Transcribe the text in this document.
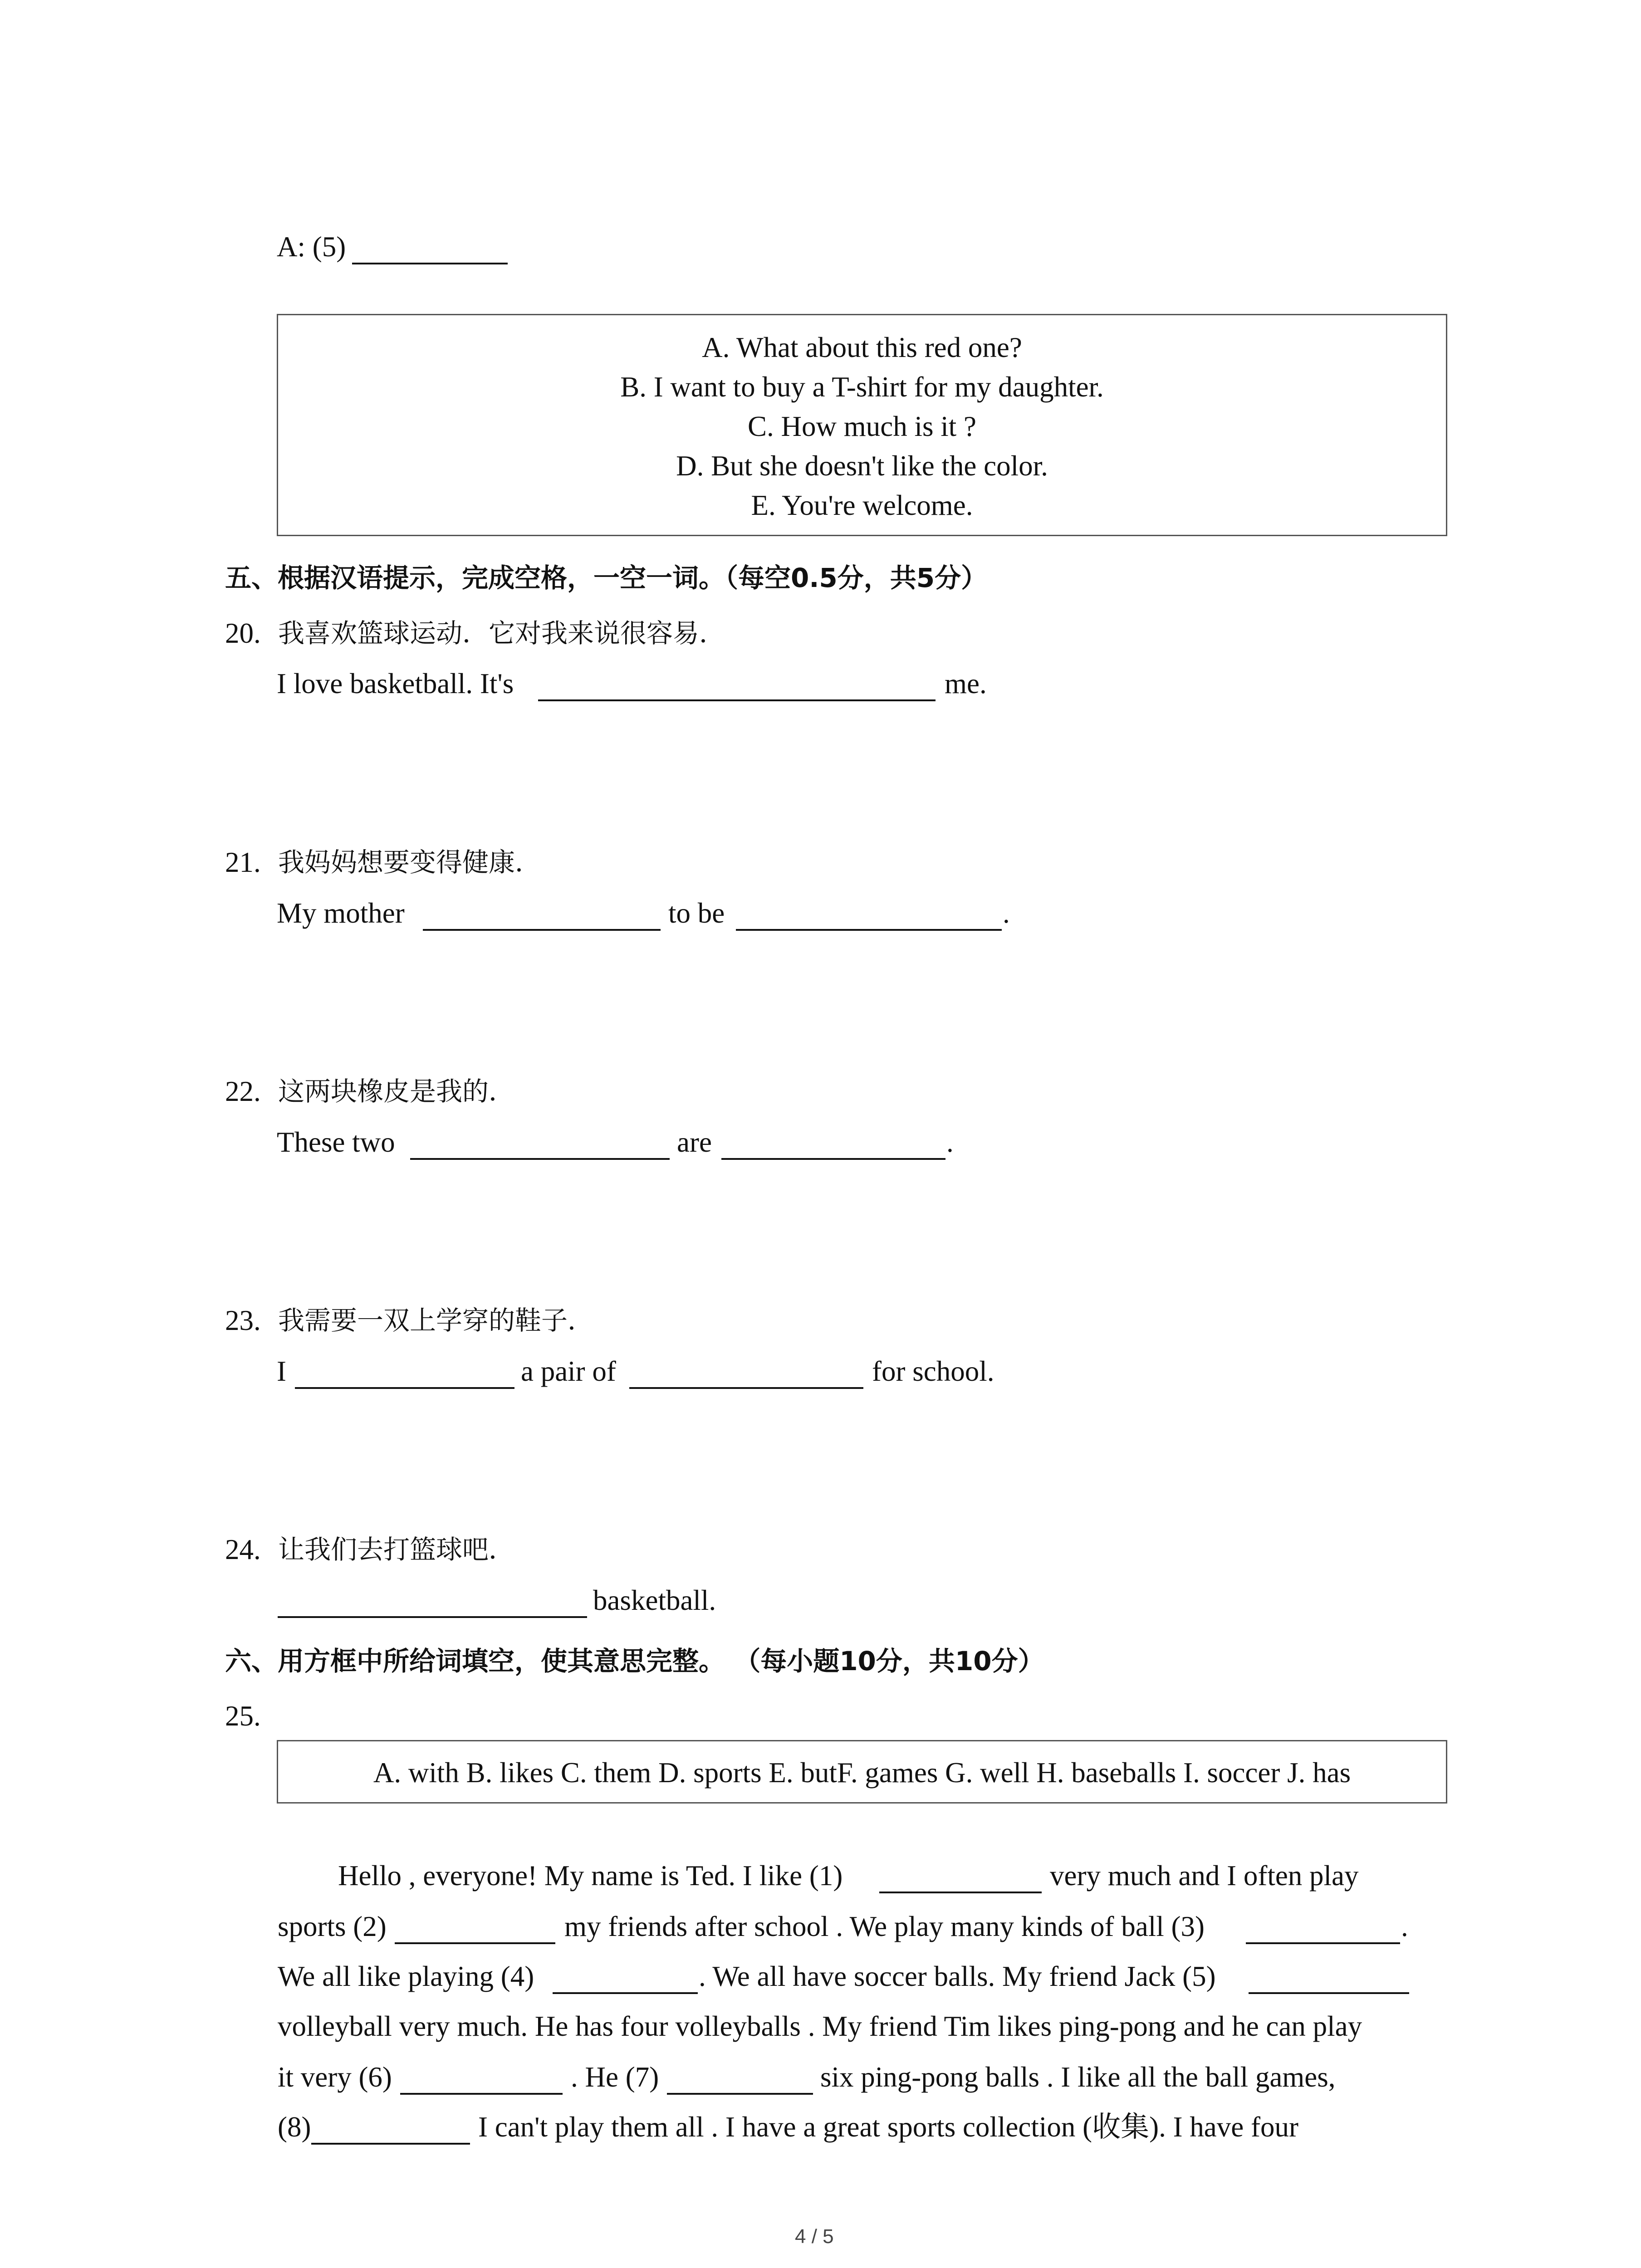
A: (5)
A. What about this red one?
B. I want to buy a T-shirt for my daughter.
C. How much is it ?
D. But she doesn't like the color.
E. You're welcome.
五、根据汉语提示，完成空格，一空一词。（每空0.5分，共5分）
20. 我喜欢篮球运动．它对我来说很容易．
I love basketball. It's	me.
21. 我妈妈想要变得健康．
My mother	to be	.
22. 这两块橡皮是我的．
These two	are	.
23. 我需要一双上学穿的鞋子．
I	a pair of	for school.
24. 让我们去打篮球吧．
basketball.
六、用方框中所给词填空，使其意思完整。 （每小题10分，共10分）
25.
A. with B. likes C. them D. sports E. butF. games G. well H. baseballs I. soccer J. has
Hello , everyone! My name is Ted. I like (1)	very much and I often play
sports (2)	my friends after school . We play many kinds of ball (3)	.
We all like playing (4)	. We all have soccer balls. My friend Jack (5)
volleyball very much. He has four volleyballs . My friend Tim likes ping-pong and he can play
it very (6)	. He (7)	six ping-pong balls . I like all the ball games,
(8)	I can't play them all . I have a great sports collection (收集). I have four
4 / 5
